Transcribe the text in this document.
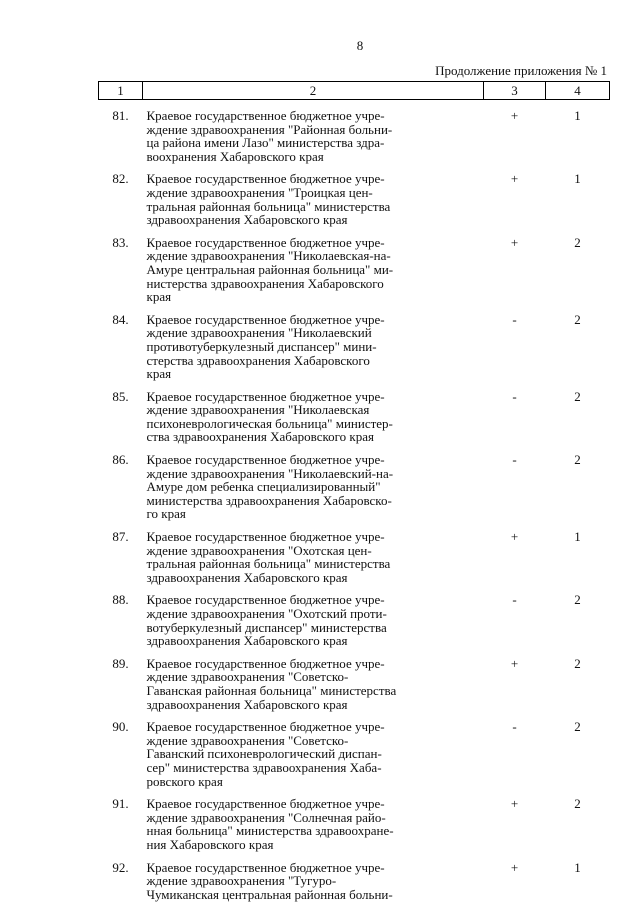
8
Продолжение приложения № 1
1	2	3	4
81.	Краевое государственное бюджетное учре-
ждение здравоохранения "Районная больни-
ца района имени Лазо" министерства здра-
воохранения Хабаровского края	+	1
82.	Краевое государственное бюджетное учре-
ждение здравоохранения "Троицкая цен-
тральная районная больница" министерства
здравоохранения Хабаровского края	+	1
83.	Краевое государственное бюджетное учре-
ждение здравоохранения "Николаевская-на-
Амуре центральная районная больница" ми-
нистерства здравоохранения Хабаровского
края	+	2
84.	Краевое государственное бюджетное учре-
ждение здравоохранения "Николаевский
противотуберкулезный диспансер" мини-
стерства здравоохранения Хабаровского
края	-	2
85.	Краевое государственное бюджетное учре-
ждение здравоохранения "Николаевская
психоневрологическая больница" министер-
ства здравоохранения Хабаровского края	-	2
86.	Краевое государственное бюджетное учре-
ждение здравоохранения "Николаевский-на-
Амуре дом ребенка специализированный"
министерства здравоохранения Хабаровско-
го края	-	2
87.	Краевое государственное бюджетное учре-
ждение здравоохранения "Охотская цен-
тральная районная больница" министерства
здравоохранения Хабаровского края	+	1
88.	Краевое государственное бюджетное учре-
ждение здравоохранения "Охотский проти-
вотуберкулезный диспансер" министерства
здравоохранения Хабаровского края	-	2
89.	Краевое государственное бюджетное учре-
ждение здравоохранения "Советско-
Гаванская районная больница" министерства
здравоохранения Хабаровского края	+	2
90.	Краевое государственное бюджетное учре-
ждение здравоохранения "Советско-
Гаванский психоневрологический диспан-
сер" министерства здравоохранения Хаба-
ровского края	-	2
91.	Краевое государственное бюджетное учре-
ждение здравоохранения "Солнечная райо-
нная больница" министерства здравоохране-
ния Хабаровского края	+	2
92.	Краевое государственное бюджетное учре-
ждение здравоохранения "Тугуро-
Чумиканская центральная районная больни-	+	1
